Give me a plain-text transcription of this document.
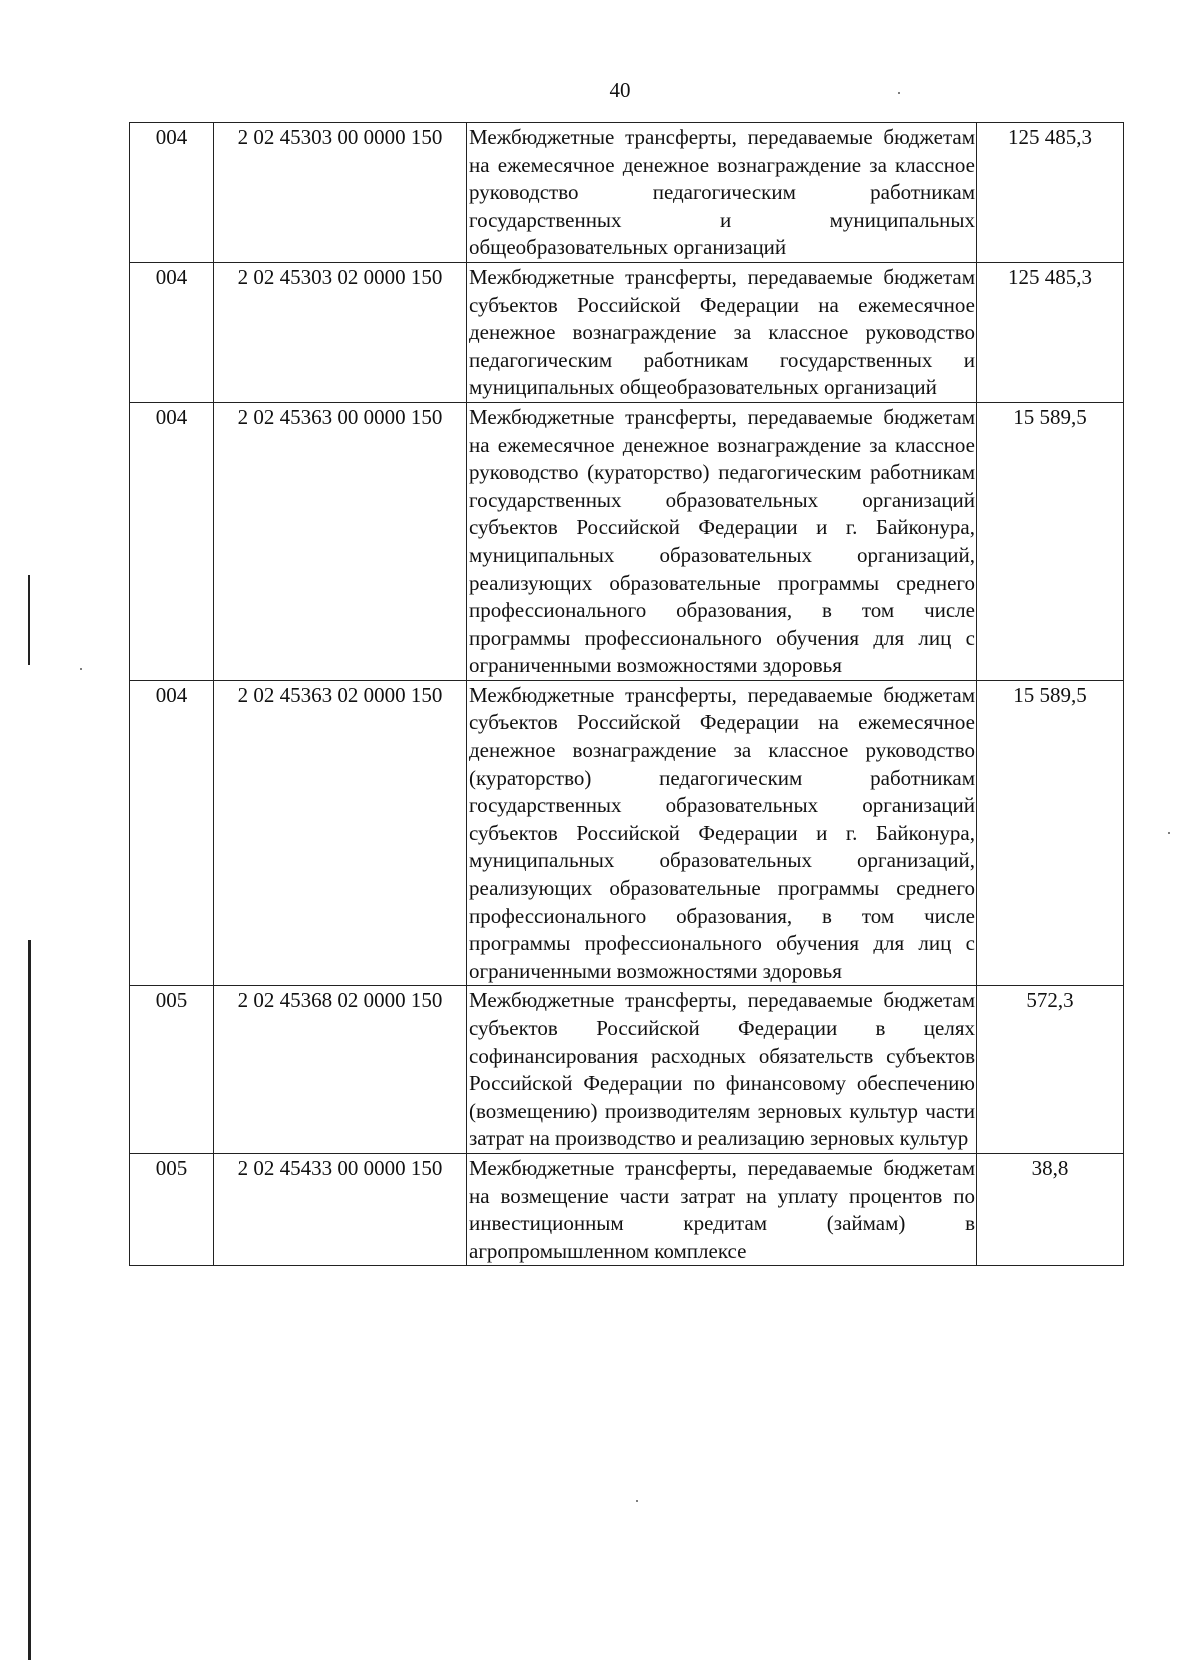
40
004	2 02 45303 00 0000 150	Межбюджетные трансферты, передаваемые бюджетам на ежемесячное денежное вознаграждение за классное руководство педагогическим работникам государственных и муниципальных общеобразовательных организаций	125 485,3
004	2 02 45303 02 0000 150	Межбюджетные трансферты, передаваемые бюджетам субъектов Российской Федерации на ежемесячное денежное вознаграждение за классное руководство педагогическим работникам государственных и муниципальных общеобразовательных организаций	125 485,3
004	2 02 45363 00 0000 150	Межбюджетные трансферты, передаваемые бюджетам на ежемесячное денежное вознаграждение за классное руководство (кураторство) педагогическим работникам государственных образовательных организаций субъектов Российской Федерации и г. Байконура, муниципальных образовательных организаций, реализующих образовательные программы среднего профессионального образования, в том числе программы профессионального обучения для лиц с ограниченными возможностями здоровья	15 589,5
004	2 02 45363 02 0000 150	Межбюджетные трансферты, передаваемые бюджетам субъектов Российской Федерации на ежемесячное денежное вознаграждение за классное руководство (кураторство) педагогическим работникам государственных образовательных организаций субъектов Российской Федерации и г. Байконура, муниципальных образовательных организаций, реализующих образовательные программы среднего профессионального образования, в том числе программы профессионального обучения для лиц с ограниченными возможностями здоровья	15 589,5
005	2 02 45368 02 0000 150	Межбюджетные трансферты, передаваемые бюджетам субъектов Российской Федерации в целях софинансирования расходных обязательств субъектов Российской Федерации по финансовому обеспечению (возмещению) производителям зерновых культур части затрат на производство и реализацию зерновых культур	572,3
005	2 02 45433 00 0000 150	Межбюджетные трансферты, передаваемые бюджетам на возмещение части затрат на уплату процентов по инвестиционным кредитам (займам) в агропромышленном комплексе	38,8
